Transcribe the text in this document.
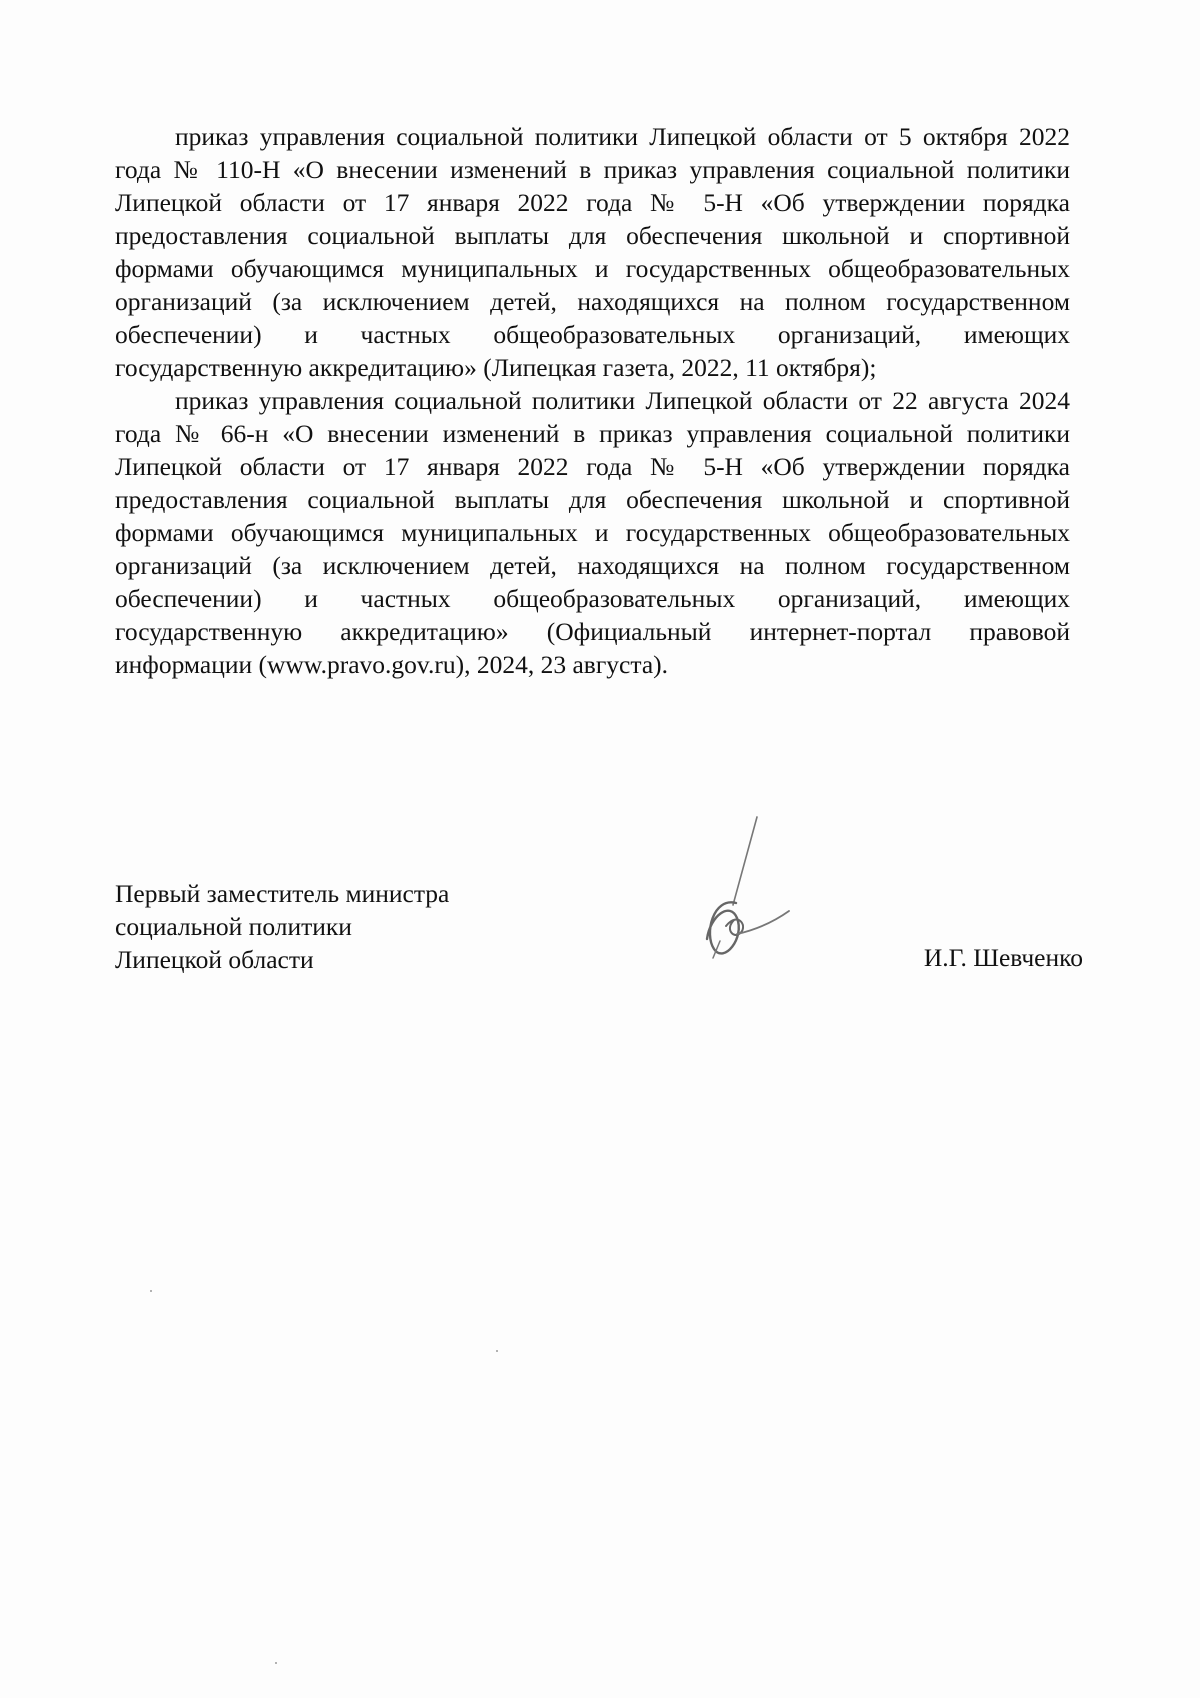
приказ управления социальной политики Липецкой области от 5 октября 2022 года № 110-Н «О внесении изменений в приказ управления социальной политики Липецкой области от 17 января 2022 года № 5-Н «Об утверждении порядка предоставления социальной выплаты для обеспечения школьной и спортивной формами обучающимся муниципальных и государственных общеобразовательных организаций (за исключением детей, находящихся на полном государственном обеспечении) и частных общеобразовательных организаций, имеющих государственную аккредитацию» (Липецкая газета, 2022, 11 октября);

приказ управления социальной политики Липецкой области от 22 августа 2024 года № 66-н «О внесении изменений в приказ управления социальной политики Липецкой области от 17 января 2022 года № 5-Н «Об утверждении порядка предоставления социальной выплаты для обеспечения школьной и спортивной формами обучающимся муниципальных и государственных общеобразовательных организаций (за исключением детей, находящихся на полном государственном обеспечении) и частных общеобразовательных организаций, имеющих государственную аккредитацию» (Официальный интернет-портал правовой информации (www.pravo.gov.ru), 2024, 23 августа).

Первый заместитель министра
социальной политики
Липецкой области	И.Г. Шевченко
